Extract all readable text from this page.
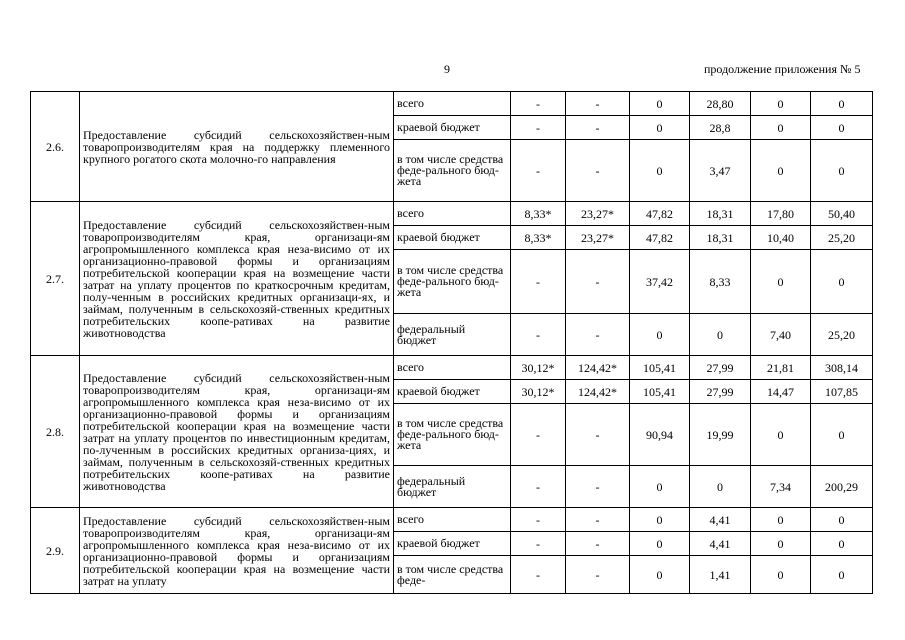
9	продолжение приложения № 5
2.6.	Предоставление субсидий сельскохозяйствен-ным товаропроизводителям края на поддержку племенного крупного рогатого скота молочно-го направления	всего	-	-	0	28,80	0	0
		краевой бюджет	-	-	0	28,8	0	0
		в том числе средства феде-рального бюд-жета	-	-	0	3,47	0	0
2.7.	Предоставление субсидий сельскохозяйствен-ным товаропроизводителям края, организаци-ям агропромышленного комплекса края неза-висимо от их организационно-правовой формы и организациям потребительской кооперации края на возмещение части затрат на уплату процентов по краткосрочным кредитам, полу-ченным в российских кредитных организаци-ях, и займам, полученным в сельскохозяй-ственных кредитных потребительских коопе-ративах на развитие животноводства	всего	8,33*	23,27*	47,82	18,31	17,80	50,40
		краевой бюджет	8,33*	23,27*	47,82	18,31	10,40	25,20
		в том числе средства феде-рального бюд-жета	-	-	37,42	8,33	0	0
		федеральный бюджет	-	-	0	0	7,40	25,20
2.8.	Предоставление субсидий сельскохозяйствен-ным товаропроизводителям края, организаци-ям агропромышленного комплекса края неза-висимо от их организационно-правовой формы и организациям потребительской кооперации края на возмещение части затрат на уплату процентов по инвестиционным кредитам, по-лученным в российских кредитных организа-циях, и займам, полученным в сельскохозяй-ственных кредитных потребительских коопе-ративах на развитие животноводства	всего	30,12*	124,42*	105,41	27,99	21,81	308,14
		краевой бюджет	30,12*	124,42*	105,41	27,99	14,47	107,85
		в том числе средства феде-рального бюд-жета	-	-	90,94	19,99	0	0
		федеральный бюджет	-	-	0	0	7,34	200,29
2.9.	Предоставление субсидий сельскохозяйствен-ным товаропроизводителям края, организаци-ям агропромышленного комплекса края неза-висимо от их организационно-правовой формы и организациям потребительской кооперации края на возмещение части затрат на уплату	всего	-	-	0	4,41	0	0
		краевой бюджет	-	-	0	4,41	0	0
		в том числе средства феде-	-	-	0	1,41	0	0
